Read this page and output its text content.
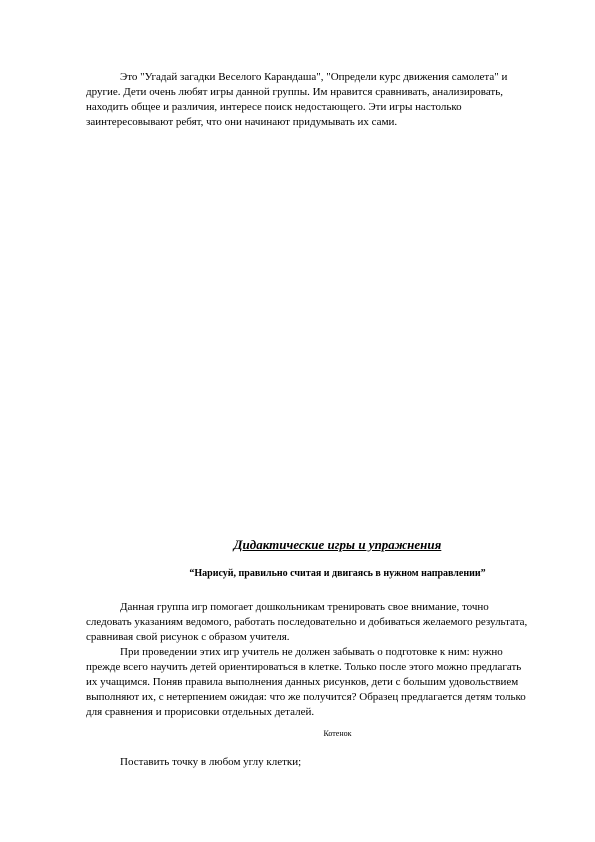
Это "Угадай загадки Веселого Карандаша", "Определи курс движения самолета" и другие. Дети очень любят игры данной группы. Им нравится сравнивать, анализировать, находить общее и различия, интересе поиск недостающего. Эти игры настолько заинтересовывают ребят, что они начинают придумывать их сами.

Дидактические игры и упражнения
“Нарисуй, правильно считая и двигаясь в нужном направлении”

Данная группа игр помогает дошкольникам тренировать свое внимание, точно следовать указаниям ведомого, работать последовательно и добиваться желаемого результата, сравнивая свой рисунок с образом учителя.

При проведении этих игр учитель не должен забывать о подготовке к ним: нужно прежде всего научить детей ориентироваться в клетке. Только после этого можно предлагать их учащимся. Поняв правила выполнения данных рисунков, дети с большим удовольствием выполняют их, с нетерпением ожидая: что же получится? Образец предлагается детям только для сравнения и прорисовки отдельных деталей.

Котенок

Поставить точку в любом углу клетки;
